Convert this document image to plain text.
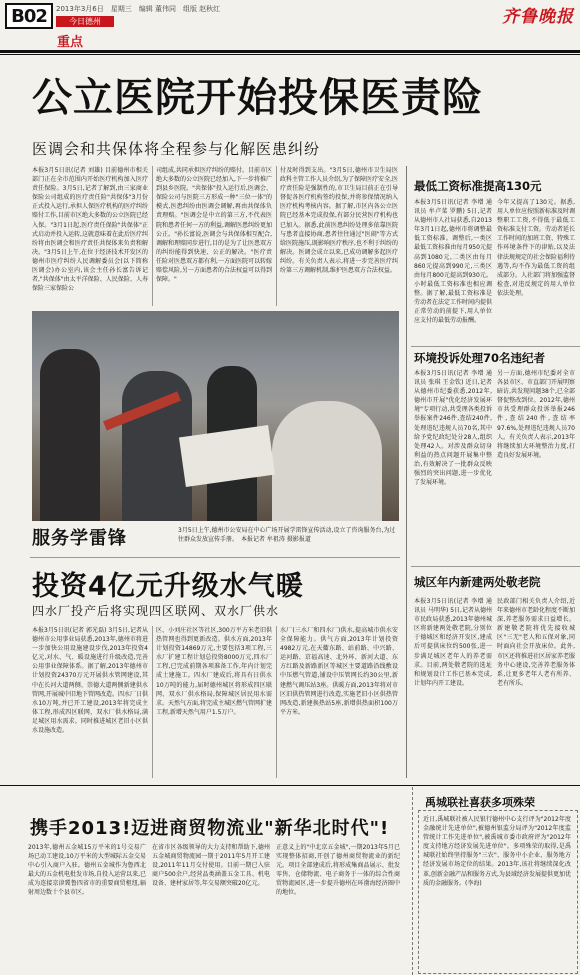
B02	2013年3月6日　星期三　编辑 董伟同　组版 赵秋红
今日德州
重点
齐鲁晚报
公立医院开始投保医责险
医调会和共保体将全程参与化解医患纠纷
本报3月5日讯(记者 刘雄) 目前德州市相关部门正在全市范围内开始医疗机构加入医疗责任保险。3月5日,记者了解到,由三家商业保险公司组成的医疗责任险"共保体"3月份正式投入运行,承担人保医疗机构的医疗纠纷赔付工作,目前市区绝大多数的公立医院已经入保。"3月1日起,医疗责任保险"共保体"正式启动并投入运转,这就意味着在此后医疗纠纷将由医调会和医疗责任共保体来负责和解决。"3月5日上午,在位于经济技术开发区的德州市医疗纠纷人民调解委员会(以下简称医调会)办公室内,该会主任孙长富告诉记者,"共保体"由太平洋保险、人民保险、人寿保险三家保险公
司组成,共同承担医疗纠纷的赔付。目前市区绝大多数的公立医院已经加入,下一步将推广到县乡医院。"共保体"投入运行后,医调会、保险公司与医院三方形成一种"三位一体"的模式,医患纠纷由医调会调解,再由共保体负责理赔。"医调会是中立的第三方,不代表医院和患者任何一方的利益,调解医患纠纷更加公正。"孙长富说,医调会与共保体相互配合,调解和理赔同步进行,目的是为了让医患双方的纠纷能得到快速、公正的解决。"医疗责任险对医患双方都有利,一方面医院可以转嫁赔偿风险,另一方面患者的合法权益可以得到保障。"
付及时得到支出。"3月5日,德州市卫生局医政科主管工作人员介绍,为了保障医疗安全,医疗责任险是强制性的,市卫生局目前正在引导督促各医疗机构签约投保,并将参保情况纳入医疗机构考核内容。据了解,市区内各公立医院已经基本完成投保,有部分民营医疗机构也已加入。据悉,此前医患纠纷处理多依靠医院与患者直接协商,患者往往通过"医闹"等方式给医院施压,既影响医疗秩序,也不利于纠纷的解决。医调会成立以来,已成功调解多起医疗纠纷。有关负责人表示,将进一步完善医疗纠纷第三方调解机制,维护医患双方合法权益。
3月5日上午,德州市公安局在中心广场开展学雷锋宣传活动,设立了咨询服务台,为过往群众发放宣传手册。　本报记者 牟祖涛 摄影报道
服务学雷锋
投资4亿元升级水气暖
四水厂投产后将实现四区联网、双水厂供水
本报3月5日讯(记者 郭光磊) 3月5日,记者从德州市公用事业局获悉,2013年,德州市将进一步加快公用设施建设步伐,2013年投资4亿元,对水、气、暖设施进行升级改造,完善公用事业保障体系。据了解,2013年德州市计划投资24370万元开展供水管网建设,其中在长河大道两侧、崇德大道两侧新建供水管网,开展城中旧地下管网改造。四水厂日供水10万吨,并已开工建设,2013年将完成主体工程,形成四区联网、双水厂供水格局,满足城区用水需求。同时推进城区老旧小区供水设施改造。
区、小刘庄社区等社区,300万平方米老旧供热管网也得到更新改造。供水方面,2013年计划投资14869万元,主要包括3项工程,三水厂扩建工程计划总投资8000万元,四水厂工程,已完成前期各项准备工作,年内计划完成土建施工。四水厂建成后,将具有日供水10万吨的能力,届时德州城区将形成四区联网、双水厂供水格局,保障城区居民用水需求。天然气方面,将完成主城区燃气管网扩建工程,新增天然气用户1.5万户。
水厂(三水厂和四水厂)供水,提高城市供水安全保障能力。供气方面,2013年计划投资4982万元,在天衢东路、站前路、中兴路、运河路、京福高速、北外环、新河大道、东方红路及新路新区等城区主要道路沿线敷设中压燃气管道,铺设中压管网长约30公里,新建燃气调压站3座。供暖方面,2013年将对市区旧供热管网进行改造,实施老旧小区供热管网改造,新建换热站5座,新增供热面积100万平方米。
最低工资标准提高130元
本报3月5日讯(记者 李增 通讯员 牟卢菜 罗鹏) 5日,记者从德州市人社局获悉,自2013年3月1日起,德州市将调整最低工资标准。调整后,一类区最低工资标准由每月950元提高到1080元,二类区由每月860元提高到990元,三类区由每月800元提高到930元。小时最低工资标准也相应调整。据了解,最低工资标准是劳动者在法定工作时间内提供正常劳动的前提下,用人单位应支付的最低劳动报酬。
今年又提高了130元。据悉,用人单位应按照新标准及时调整职工工资,不得低于最低工资标准支付工资。劳动者延长工作时间的加班工资、特殊工作环境条件下的津贴,以及法律法规规定的社会保险福利待遇等,均不作为最低工资的组成部分。人社部门将加强监督检查,对违反规定的用人单位依法处理。
环境投诉处理70名违纪者
本报3月5日讯(记者 李增 通讯员 张琪 王金钦) 近日,记者从德州市纪委获悉,2012年,德州市开展"优化经济发展环境"专项行动,共受理各类投诉举报案件246件,查结240件,处理违纪违规人员70名,其中给予党纪政纪处分28人,组织处理42人。对涉及群众切身利益的热点问题开展集中整治,有效解决了一批群众反映强烈的突出问题,进一步优化了发展环境。
另一方面,德州市纪委对全市各县市区、市直部门开展明察暗访,共发现问题38个,已全部督促整改到位。2012年,德州市共受理群众投诉举报246件,查结240件,查结率97.6%,处理违纪违规人员70人。有关负责人表示,2013年将继续加大环境整治力度,打造良好发展环境。
城区年内新建两处敬老院
本报3月5日讯(记者 李增 通讯员 马明华) 5日,记者从德州市民政局获悉,2013年德州城区将新建两处敬老院,分别位于德城区和经济开发区,建成后可提供床位约500张,进一步满足城区老年人的养老需求。目前,两处敬老院的选址和规划设计工作已基本完成,计划年内开工建设。
民政部门相关负责人介绍,近年来德州市老龄化程度不断加深,养老服务需求日益增长。新建敬老院将优先接收城区"三无"老人和五保对象,同时面向社会开放床位。此外,市区还将推进社区居家养老服务中心建设,完善养老服务体系,让更多老年人老有所养、老有所乐。
携手2013!迈进商贸物流业"新华北时代"!
2013年,德州五金城15万平米的1号交易广场已动工建设,10万平米的大型城际五金交易中心引入商户入驻。德州五金城作为鲁西北最大的五金机电批发市场,自投入运营以来,已成为连接京津冀鲁四省市的重要商贸枢纽,辐射周边数十个县市区。
在省市区各级领导的大力支持和帮助下,德州五金城商贸物流园一期于2011年5月开工建设,2011年11月交付使用。目前一期已入驻商户500余户,经营品类涵盖五金工具、机电设备、建材家居等,年交易额突破20亿元。
正意义上的"中北京五金城",一期2013年5月已实现整体招商,开创了德州商贸物流业的新纪元。项目全部建成后,将形成集商品展示、批发零售、仓储物流、电子商务于一体的综合性商贸物流园区,进一步提升德州在环渤海经济圈中的地位。
禹城联社喜获多项殊荣
近日,禹城联社被人民银行德州中心支行评为"2012年度金融统计先进单位",被德州银监分局评为"2012年度监管统计工作先进单位",被禹城市委市政府评为"2012年度支持地方经济发展先进单位"。多项殊荣的取得,是禹城联社始终坚持服务"三农"、服务中小企业、服务地方经济发展市场定位的结果。2013年,该社将继续深化改革,创新金融产品和服务方式,为县域经济发展提供更加优质的金融服务。(李海)
